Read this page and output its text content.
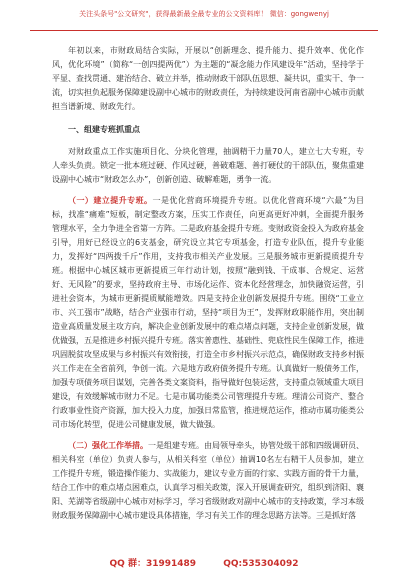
关注头条号"公文研究"，获得最新最全最专业的公文资料库！ 微信：gongwenyj

年初以来，市财政局结合实际，开展以“创新理念、提升能力、提升效率、优化作风，优化环境”（简称“一创四提两优”）为主题的“凝念能力作风建设年”活动，坚持学于平显、查找贯通、建治结合、破立并举，推动财政干部队伍思想、凝共识，重实干、争一流，切实担负起服务保障建设副中心城市的财政责任，为持续建设河南省副中心城市贡献担当谱新境、财政先行。

一、组建专班抓重点

对财政重点工作实施项目化、分块化管理，抽调精干力量70人，建立七大专班，专人牵头负责。锁定一批本班过硬、作风过硬，善破难题、善打硬仗的干部队伍，聚焦重建设副中心城市“财政怎么办”，创新创造、破解难题，勇争一流。

（一）建立提升专班。一是优化营商环境提升专班。以优化营商环境“六最”为目标，找准“痛难”短板，制定整改方案，压实工作责任，向更高更好冲刺，全面提升服务管理水平，全力争进全省第一方阵。二是政府基金提升专班。变财政资金投入为政府基金引导，用好已经设立的6支基金，研究设立其它专项基金，打造专业队伍，提升专业能力，发挥好“四两拨千斤”作用，支持我市相关产业发展。三是服务城市更新提质提升专班。根据中心城区城市更新提质三年行动计划，按照“融到钱、干成事、合规定、运营好、无风险”的要求，坚持政府主导、市场化运作、资本化经营理念，加快融资运营，引进社会资本，为城市更新提质赋能增效。四是支持企业创新发展提升专班。围绕“工业立市、兴工强市”战略，结合产业强市行动，坚持“项目为王”，发挥财政职能作用，突出制造业高质量发展主攻方向，解决企业创新发展中的难点堵点问题，支持企业创新发展，做优做强，五是推进乡村振兴提升专班。落实普惠性、基础性、兜底性民生保障工作，推进巩固脱贫攻坚成果与乡村振兴有效衔接，打造全市乡村振兴示范点，确保财政支持乡村振兴工作走在全省前列，争创一流。六是地方政府债务提升专班。认真做好一般债务工作，加强专项债务项目谋划，完善各类文案资料，指导做好包装运营，支持重点领域重大项目建设，有效缓解城市财力不足。七是市属功能类公司管理提升专班。理清公司资产、整合行政事业性资产资源，加大投入力度，加强日常监管，推进规范运作，推动市属功能类公司市场化转型，促进公司健康发展，做大做强。

（二）强化工作举措。一是组建专班。由局领导牵头，协管处级干部和四级调研员、相关科室（单位）负责人参与，从相关科室（单位）抽调10名左右精干人员参加，建立工作提升专班，锻造操作能力、实战能力，建议专业方面的行家、实践方面的骨干力量，结合工作中的难点堵点困难点，认真学习相关政策，深入开展调查研究，组织到济阳、襄阳、芜湖等省级副中心城市对标学习，学习省级财政对副中心城市的支持政策，学习本级财政服务保障副中心城市建设具体措施，学习有关工作的理念思路方法等。三是抓好落

QQ 群：31991489	QQ:535304092
